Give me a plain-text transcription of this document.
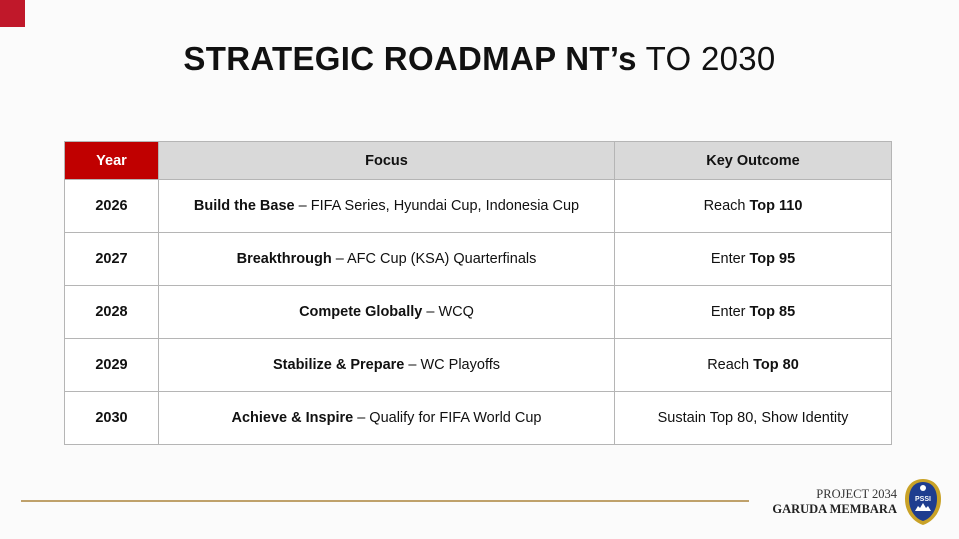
STRATEGIC ROADMAP NT’s TO 2030
Year	Focus	Key Outcome
2026	Build the Base – FIFA Series, Hyundai Cup, Indonesia Cup	Reach Top 110
2027	Breakthrough – AFC Cup (KSA) Quarterfinals	Enter Top 95
2028	Compete Globally – WCQ	Enter Top 85
2029	Stabilize & Prepare – WC Playoffs	Reach Top 80
2030	Achieve & Inspire – Qualify for FIFA World Cup	Sustain Top 80, Show Identity
PROJECT 2034
GARUDA MEMBARA
PSSI
